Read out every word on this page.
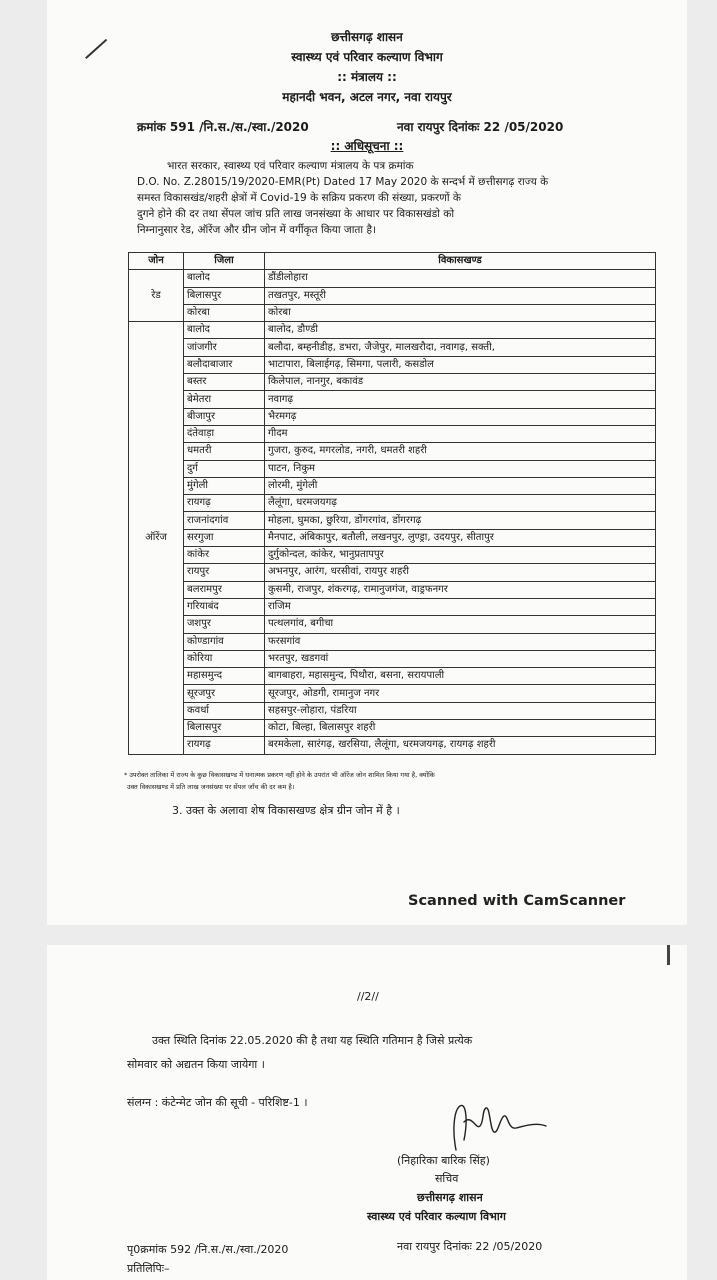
छत्तीसगढ़ शासन
स्वास्थ्य एवं परिवार कल्याण विभाग
:: मंत्रालय ::
महानदी भवन, अटल नगर, नवा रायपुर
क्रमांक 591 /नि.स./स./स्वा./2020	नवा रायपुर दिनांकः 22 /05/2020
:: अधिसूचना ::
भारत सरकार, स्वास्थ्य एवं परिवार कल्याण मंत्रालय के पत्र क्रमांक
D.O. No. Z.28015/19/2020-EMR(Pt) Dated 17 May 2020 के सन्दर्भ में छत्तीसगढ़ राज्य के
समस्त विकासखंड/शहरी क्षेत्रों में Covid-19 के सक्रिय प्रकरण की संख्या, प्रकरणों के
दुगने होने की दर तथा सेंपल जांच प्रति लाख जनसंख्या के आधार पर विकासखंडो को
निम्नानुसार रेड, ऑरेंज और ग्रीन जोन में वर्गीकृत किया जाता है।
जोन	जिला	विकासखण्ड
रेड	बालोद	डौंडीलोहारा
	बिलासपुर	तखतपुर, मस्तूरी
	कोरबा	कोरबा
ऑरेंज	बालोद	बालोद, डौण्डी
	जांजगीर	बलौदा, बम्हनीडीह, डभरा, जैजेपुर, मालखरौदा, नवागढ़, सक्ती,
	बलौदाबाजार	भाटापारा, बिलाईगढ़, सिमगा, पलारी, कसडोल
	बस्तर	किलेपाल, नानगुर, बकावंड
	बेमेतरा	नवागढ़
	बीजापुर	भैरमगढ़
	दंतेवाड़ा	गीदम
	धमतरी	गुजरा, कुरुद, मगरलोड, नगरी, धमतरी शहरी
	दुर्ग	पाटन, निकुम
	मुंगेली	लोरमी, मुंगेली
	रायगढ़	लैलूंगा, धरमजयगढ़
	राजनांदगांव	मोहला, घुमका, छुरिया, डोंगरगांव, डोंगरगढ़
	सरगुजा	मैनपाट, अंबिकापुर, बतौली, लखनपुर, लुण्ड्रा, उदयपुर, सीतापुर
	कांकेर	दुर्गुकोन्दल, कांकेर, भानुप्रतापपुर
	रायपुर	अभनपुर, आरंग, धरसीवां, रायपुर शहरी
	बलरामपुर	कुसमी, राजपुर, शंकरगढ़, रामानुजगंज, वाड्रफनगर
	गरियाबंद	राजिम
	जशपुर	पत्थलगांव, बगीचा
	कोण्डागांव	फरसगांव
	कोरिया	भरतपुर, खडगवां
	महासमुन्द	बागबाहरा, महासमुन्द, पिथौरा, बसना, सरायपाली
	सूरजपुर	सूरजपुर, ओडगी, रामानुज नगर
	कवर्धा	सहसपुर-लोहारा, पंडरिया
	बिलासपुर	कोटा, बिल्हा, बिलासपुर शहरी
	रायगढ़	बरमकेला, सारंगढ़, खरसिया, लैलूंगा, धरमजयगढ़, रायगढ़ शहरी
* उपरोक्त तालिका में राज्य के कुछ विकासखण्ड में धनात्मक प्रकरण नहीं होने के उपरांत भी ऑरेंज जोन शामिल किया गया है, क्योंकि
उक्त विकासखण्ड में प्रति लाख जनसंख्या पर सेंपल जाँच की दर कम है।
3. उक्त के अलावा शेष विकासखण्ड क्षेत्र ग्रीन जोन में है ।
Scanned with CamScanner
//2//
उक्त स्थिति दिनांक 22.05.2020 की है तथा यह स्थिति गतिमान है जिसे प्रत्येक
सोमवार को अद्यतन किया जायेगा ।
संलग्न : कंटेन्मेट जोन की सूची - परिशिष्ट-1 ।
(निहारिका बारिक सिंह)
सचिव
छत्तीसगढ़ शासन
स्वास्थ्य एवं परिवार कल्याण विभाग
पृ0क्रमांक 592 /नि.स./स./स्वा./2020	नवा रायपुर दिनांकः 22 /05/2020
प्रतिलिपिः–
